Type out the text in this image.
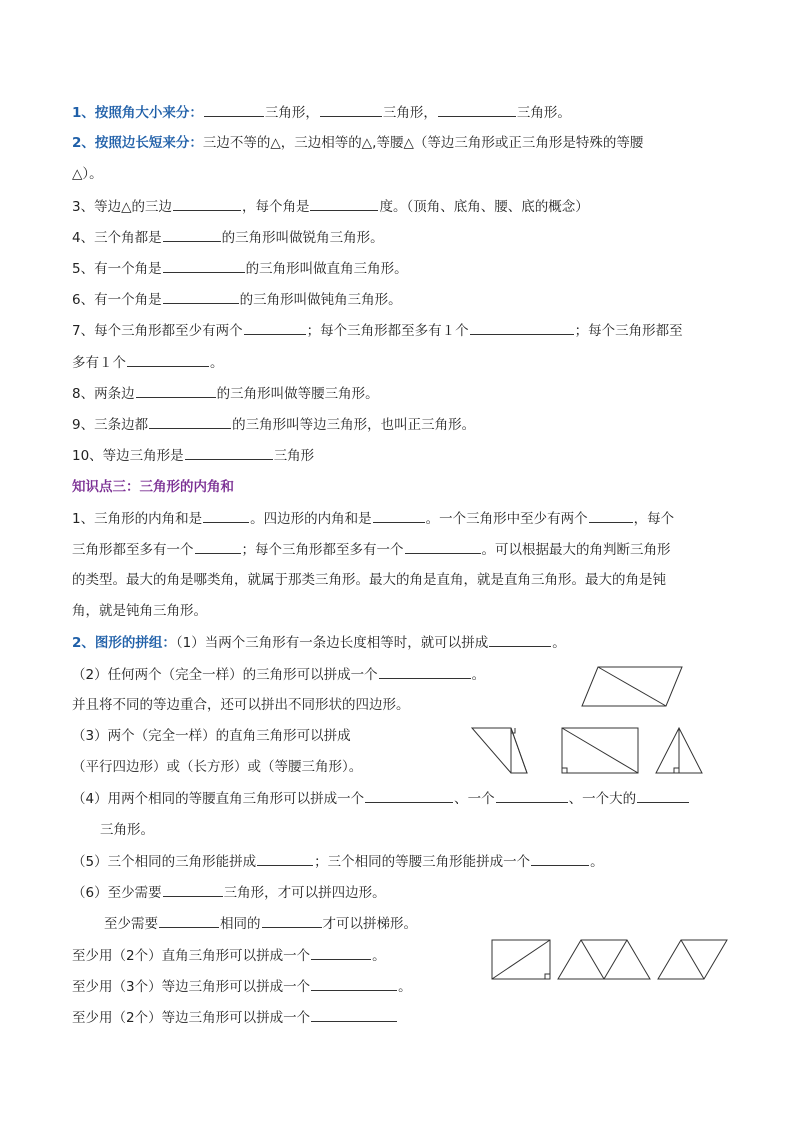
1、按照角大小来分：	三角形，	三角形，	三角形。
2、按照边长短来分：三边不等的△，三边相等的△,等腰△（等边三角形或正三角形是特殊的等腰
△）。
3、等边△的三边	，每个角是	度。（顶角、底角、腰、底的概念）
4、三个角都是	的三角形叫做锐角三角形。
5、有一个角是	的三角形叫做直角三角形。
6、有一个角是	的三角形叫做钝角三角形。
7、每个三角形都至少有两个	；每个三角形都至多有１个	；每个三角形都至
多有１个	。
8、两条边	的三角形叫做等腰三角形。
9、三条边都	的三角形叫等边三角形，也叫正三角形。
10、等边三角形是	三角形
知识点三：三角形的内角和
1、三角形的内角和是	。四边形的内角和是	。一个三角形中至少有两个	，每个
三角形都至多有一个	；每个三角形都至多有一个	。可以根据最大的角判断三角形
的类型。最大的角是哪类角，就属于那类三角形。最大的角是直角，就是直角三角形。最大的角是钝
角，就是钝角三角形。
2、图形的拼组：（1）当两个三角形有一条边长度相等时，就可以拼成	。
（2）任何两个（完全一样）的三角形可以拼成一个	。
并且将不同的等边重合，还可以拼出不同形状的四边形。
（3）两个（完全一样）的直角三角形可以拼成
（平行四边形）或（长方形）或（等腰三角形）。
（4）用两个相同的等腰直角三角形可以拼成一个	、一个	、一个大的
三角形。
（5）三个相同的三角形能拼成	；三个相同的等腰三角形能拼成一个	。
（6）至少需要	三角形，才可以拼四边形。
至少需要	相同的	才可以拼梯形。
至少用（2个）直角三角形可以拼成一个	。
至少用（3个）等边三角形可以拼成一个	。
至少用（2个）等边三角形可以拼成一个
